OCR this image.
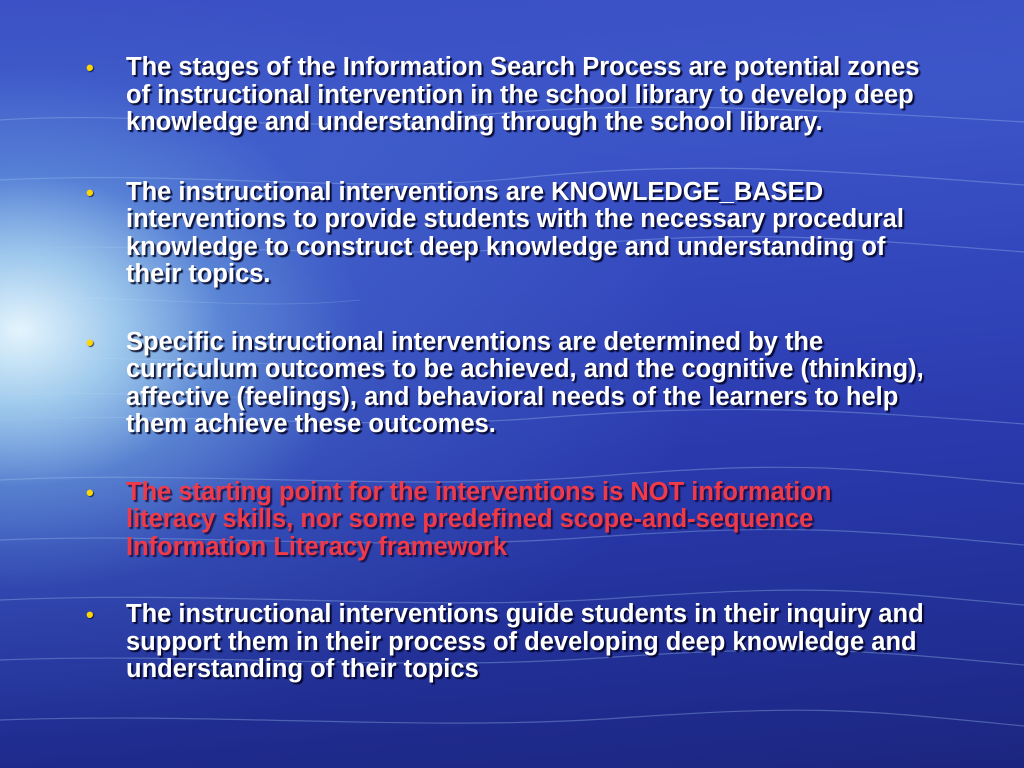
• The stages of the Information Search Process are potential zones of instructional intervention in the school library to develop deep knowledge and understanding through the school library.
• The instructional interventions are KNOWLEDGE_BASED interventions to provide students with the necessary procedural knowledge to construct deep knowledge and understanding of their topics.
• Specific instructional interventions are determined by the curriculum outcomes to be achieved, and the cognitive (thinking), affective (feelings), and behavioral needs of the learners to help them achieve these outcomes.
• The starting point for the interventions is NOT information literacy skills, nor some predefined scope-and-sequence Information Literacy framework
• The instructional interventions guide students in their inquiry and support them in their process of developing deep knowledge and understanding of their topics
